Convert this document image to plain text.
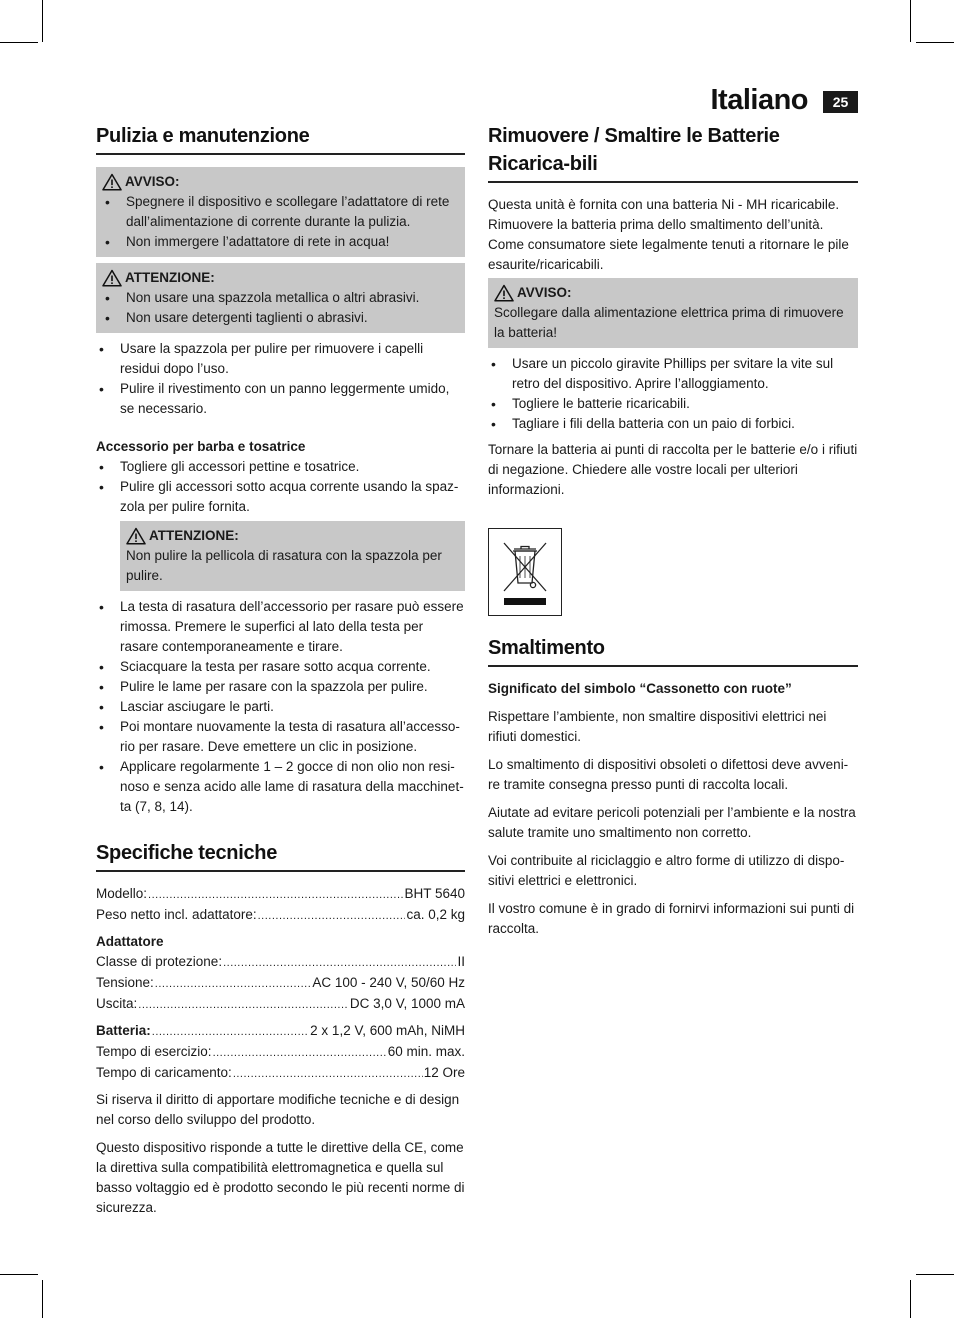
Italiano	25
Pulizia e manutenzione
AVVISO:
• Spegnere il dispositivo e scollegare l’adattatore di rete dall’alimentazione di corrente durante la pulizia.
• Non immergere l’adattatore di rete in acqua!
ATTENZIONE:
• Non usare una spazzola metallica o altri abrasivi.
• Non usare detergenti taglienti o abrasivi.
• Usare la spazzola per pulire per rimuovere i capelli residui dopo l’uso.
• Pulire il rivestimento con un panno leggermente umido, se necessario.
Accessorio per barba e tosatrice
• Togliere gli accessori pettine e tosatrice.
• Pulire gli accessori sotto acqua corrente usando la spaz-zola per pulire fornita.
ATTENZIONE:

Non pulire la pellicola di rasatura con la spazzola per pulire.

• La testa di rasatura dell’accessorio per rasare può essere rimossa. Premere le superfici al lato della testa per rasare contemporaneamente e tirare.
• Sciacquare la testa per rasare sotto acqua corrente.
• Pulire le lame per rasare con la spazzola per pulire.
• Lasciar asciugare le parti.
• Poi montare nuovamente la testa di rasatura all’accesso-rio per rasare. Deve emettere un clic in posizione.
• Applicare regolarmente 1 – 2 gocce di non olio non resi-noso e senza acido alle lame di rasatura della macchinet-ta (7, 8, 14).
Specifiche tecniche
Modello: .....	BHT 5640
Peso netto incl. adattatore: .....	ca. 0,2 kg
Adattatore
Classe di protezione: .....	II
Tensione: .....	AC 100 - 240 V, 50/60 Hz
Uscita: .....	DC 3,0 V, 1000 mA
Batteria: .....	2 x 1,2 V, 600 mAh, NiMH
Tempo di esercizio: .....	60 min. max.
Tempo di caricamento: .....	12 Ore

Si riserva il diritto di apportare modifiche tecniche e di design nel corso dello sviluppo del prodotto.

Questo dispositivo risponde a tutte le direttive della CE, come la direttiva sulla compatibilità elettromagnetica e quella sul basso voltaggio ed è prodotto secondo le più recenti norme di sicurezza.

Rimuovere / Smaltire le Batterie Ricarica-bili

Questa unità è fornita con una batteria Ni - MH ricaricabile. Rimuovere la batteria prima dello smaltimento dell’unità. Come consumatore siete legalmente tenuti a ritornare le pile esaurite/ricaricabili.

AVVISO:

Scollegare dalla alimentazione elettrica prima di rimuovere la batteria!

• Usare un piccolo giravite Phillips per svitare la vite sul retro del dispositivo. Aprire l’alloggiamento.
• Togliere le batterie ricaricabili.
• Tagliare i fili della batteria con un paio di forbici.

Tornare la batteria ai punti di raccolta per le batterie e/o i rifiuti di negazione. Chiedere alle vostre locali per ulteriori informazioni.

Smaltimento
Significato del simbolo “Cassonetto con ruote”

Rispettare l’ambiente, non smaltire dispositivi elettrici nei rifiuti domestici.

Lo smaltimento di dispositivi obsoleti o difettosi deve avveni-re tramite consegna presso punti di raccolta locali.

Aiutate ad evitare pericoli potenziali per l’ambiente e la nostra salute tramite uno smaltimento non corretto.

Voi contribuite al riciclaggio e altro forme di utilizzo di dispo-sitivi elettrici e elettronici.

Il vostro comune è in grado di fornirvi informazioni sui punti di raccolta.
